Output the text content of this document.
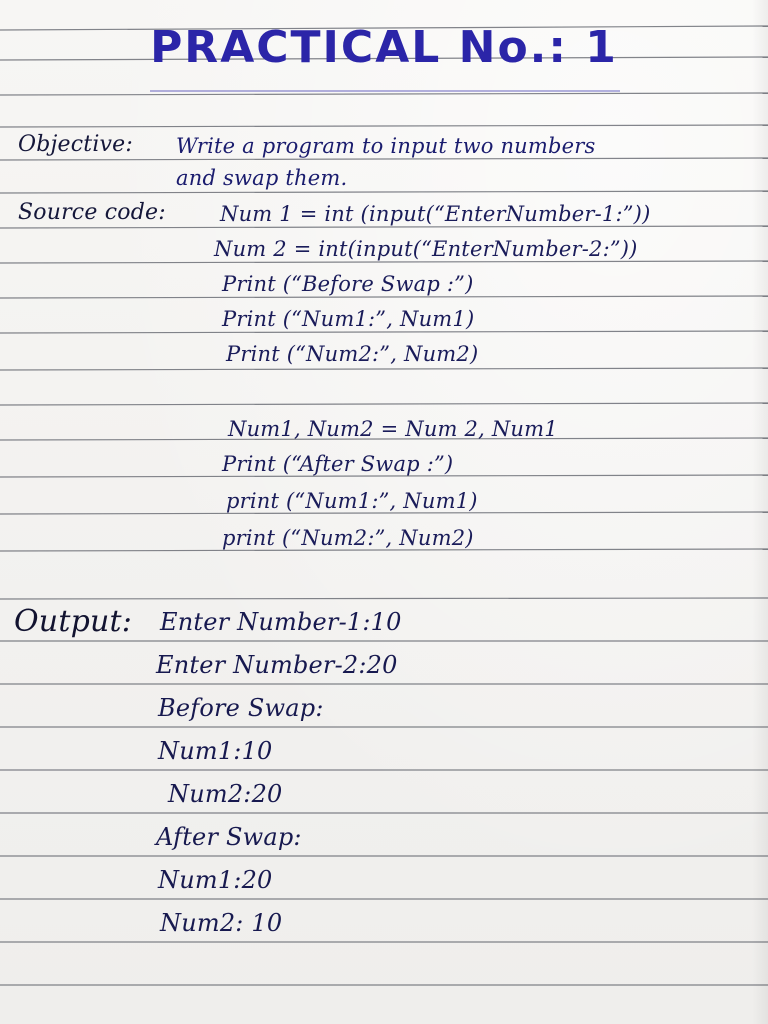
PRACTICAL No.: 1
Objective: Write a program to input two numbers
and swap them.
Source code:	Num 1 = int (input(“EnterNumber-1:”))
Num 2 = int(input(“EnterNumber-2:”))
Print (“Before Swap :”)
Print (“Num1:”, Num1)
Print (“Num2:”, Num2)
Num1, Num2 = Num 2, Num1
Print (“After Swap :”)
print (“Num1:”, Num1)
print (“Num2:”, Num2)
Output: Enter Number-1:10
Enter Number-2:20
Before Swap:
Num1:10
Num2:20
After Swap:
Num1:20
Num2: 10
